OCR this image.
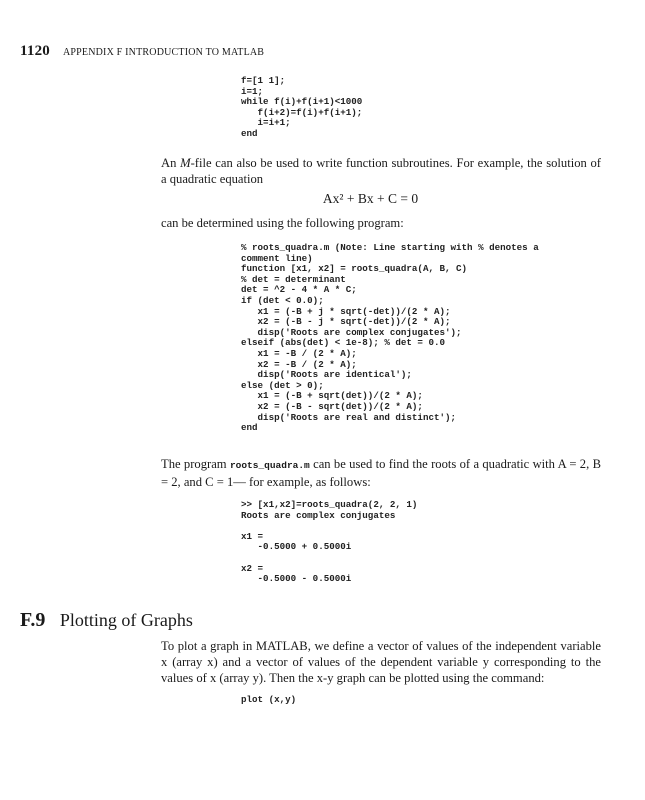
1120 APPENDIX F INTRODUCTION TO MATLAB
f=[1 1];
i=1;
while f(i)+f(i+1)<1000
f(i+2)=f(i)+f(i+1);
i=i+1;
end
An M-file can also be used to write function subroutines. For example, the solution of a quadratic equation
Ax² + Bx + C = 0
can be determined using the following program:
% roots_quadra.m (Note: Line starting with % denotes a
comment line)
function [x1, x2] = roots_quadra(A, B, C)
% det = determinant
det = ^2 - 4 * A * C;
if (det < 0.0);
x1 = (-B + j * sqrt(-det))/(2 * A);
x2 = (-B - j * sqrt(-det))/(2 * A);
disp('Roots are complex conjugates');
elseif (abs(det) < 1e-8); % det = 0.0
x1 = -B / (2 * A);
x2 = -B / (2 * A);
disp('Roots are identical');
else (det > 0);
x1 = (-B + sqrt(det))/(2 * A);
x2 = (-B - sqrt(det))/(2 * A);
disp('Roots are real and distinct');
end
The program roots_quadra.m can be used to find the roots of a quadratic with A = 2, B = 2, and C = 1— for example, as follows:
>> [x1,x2]=roots_quadra(2, 2, 1)
Roots are complex conjugates

x1 =
-0.5000 + 0.5000i

x2 =
-0.5000 - 0.5000i
F.9 Plotting of Graphs
To plot a graph in MATLAB, we define a vector of values of the independent variable x (array x) and a vector of values of the dependent variable y corresponding to the values of x (array y). Then the x-y graph can be plotted using the command:
plot (x,y)
